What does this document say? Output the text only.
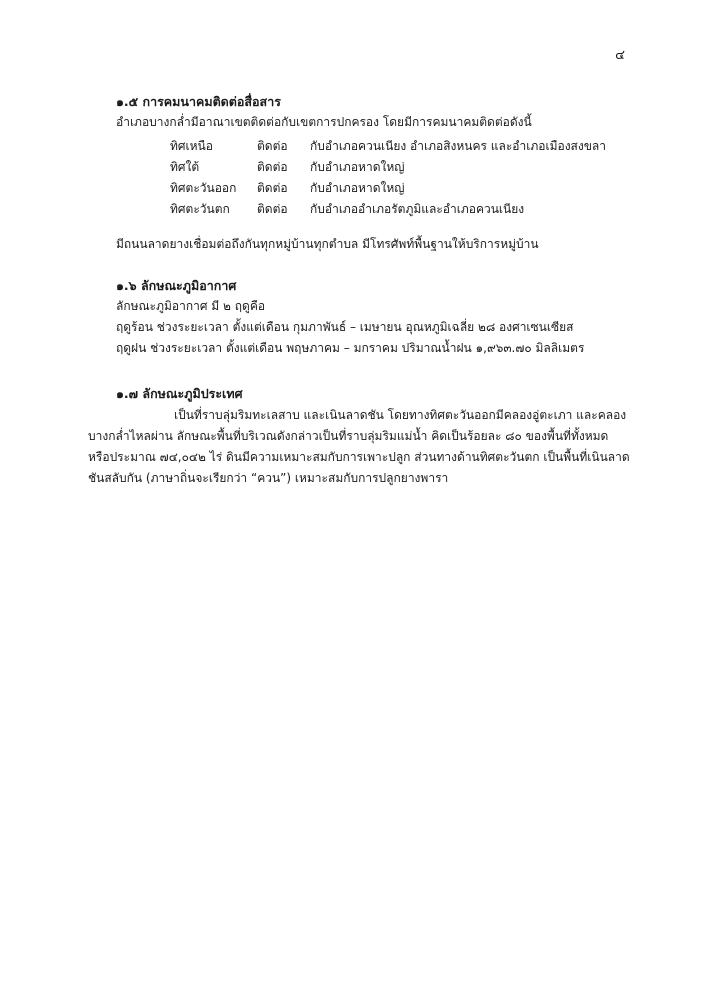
๔
๑.๕ การคมนาคมติดต่อสื่อสาร
อำเภอบางกล่ำมีอาณาเขตติดต่อกับเขตการปกครอง โดยมีการคมนาคมติดต่อดังนี้
ทิศเหนือ	ติดต่อ	กับอำเภอควนเนียง อำเภอสิงหนคร และอำเภอเมืองสงขลา
ทิศใต้	ติดต่อ	กับอำเภอหาดใหญ่
ทิศตะวันออก	ติดต่อ	กับอำเภอหาดใหญ่
ทิศตะวันตก	ติดต่อ	กับอำเภออำเภอรัตภูมิและอำเภอควนเนียง
มีถนนลาดยางเชื่อมต่อถึงกันทุกหมู่บ้านทุกตำบล มีโทรศัพท์พื้นฐานให้บริการหมู่บ้าน
๑.๖ ลักษณะภูมิอากาศ
ลักษณะภูมิอากาศ มี ๒ ฤดูคือ
ฤดูร้อน ช่วงระยะเวลา ตั้งแต่เดือน กุมภาพันธ์ – เมษายน อุณหภูมิเฉลี่ย ๒๘ องศาเซนเซียส
ฤดูฝน ช่วงระยะเวลา ตั้งแต่เดือน พฤษภาคม – มกราคม ปริมาณน้ำฝน ๑,๙๖๓.๗๐ มิลลิเมตร
๑.๗ ลักษณะภูมิประเทศ
เป็นที่ราบลุ่มริมทะเลสาบ และเนินลาดชัน โดยทางทิศตะวันออกมีคลองอู่ตะเภา และคลอง
บางกล่ำไหลผ่าน ลักษณะพื้นที่บริเวณดังกล่าวเป็นที่ราบลุ่มริมแม่น้ำ คิดเป็นร้อยละ ๘๐ ของพื้นที่ทั้งหมด
หรือประมาณ ๗๔,๐๔๒ ไร่ ดินมีความเหมาะสมกับการเพาะปลูก ส่วนทางด้านทิศตะวันตก เป็นพื้นที่เนินลาด
ชันสลับกัน (ภาษาถิ่นจะเรียกว่า “ควน”) เหมาะสมกับการปลูกยางพารา
